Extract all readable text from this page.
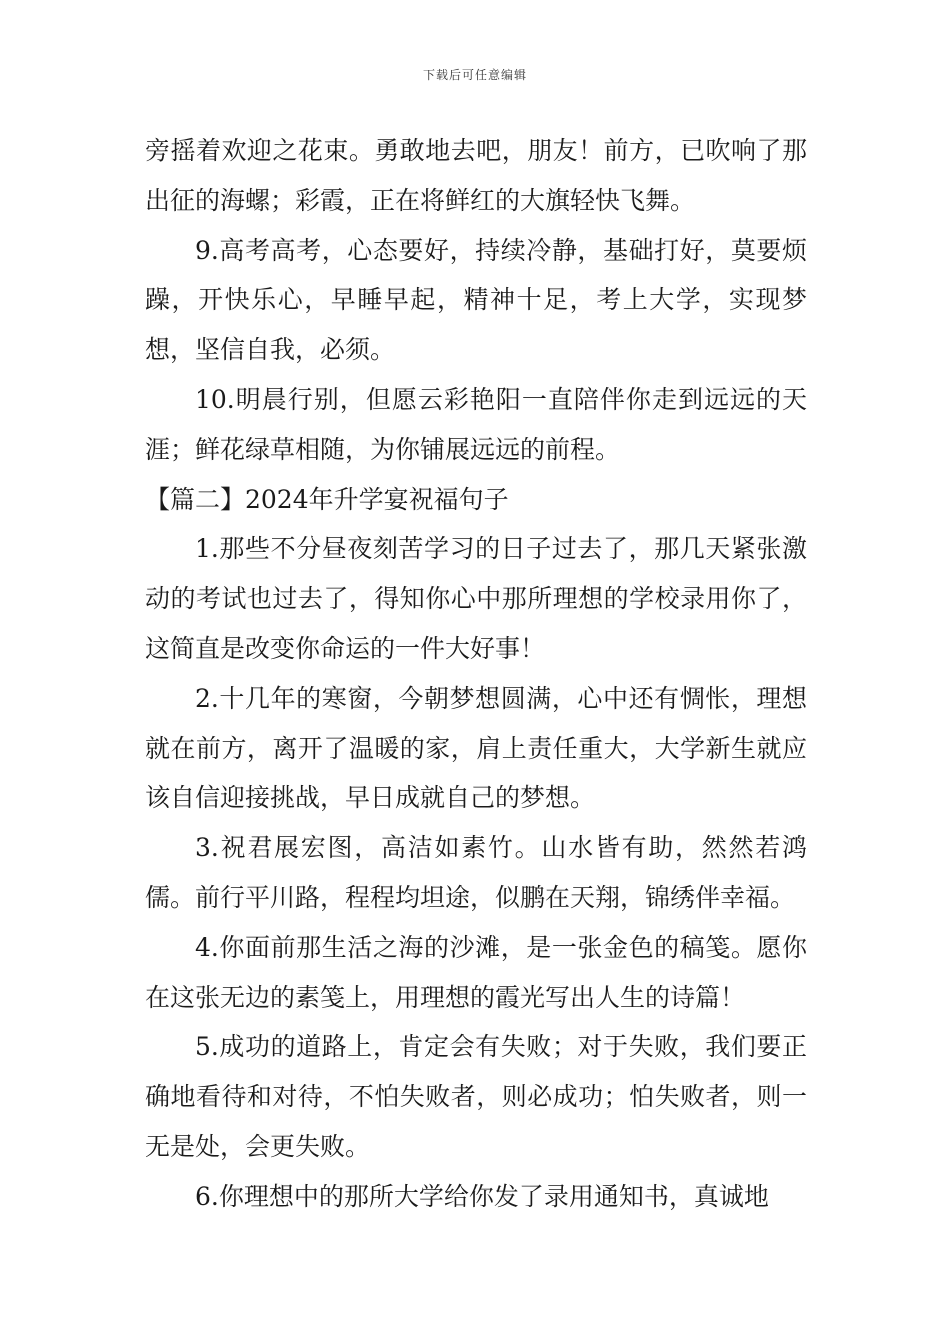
下载后可任意编辑

旁摇着欢迎之花束。勇敢地去吧，朋友！前方，已吹响了那出征的海螺；彩霞，正在将鲜红的大旗轻快飞舞。

9.高考高考，心态要好，持续冷静，基础打好，莫要烦躁，开快乐心，早睡早起，精神十足，考上大学，实现梦想，坚信自我，必须。

10.明晨行别，但愿云彩艳阳一直陪伴你走到远远的天涯；鲜花绿草相随，为你铺展远远的前程。

【篇二】2024年升学宴祝福句子

1.那些不分昼夜刻苦学习的日子过去了，那几天紧张激动的考试也过去了，得知你心中那所理想的学校录用你了，这简直是改变你命运的一件大好事！

2.十几年的寒窗，今朝梦想圆满，心中还有惆怅，理想就在前方，离开了温暖的家，肩上责任重大，大学新生就应该自信迎接挑战，早日成就自己的梦想。

3.祝君展宏图，高洁如素竹。山水皆有助，然然若鸿儒。前行平川路，程程均坦途，似鹏在天翔，锦绣伴幸福。

4.你面前那生活之海的沙滩，是一张金色的稿笺。愿你在这张无边的素笺上，用理想的霞光写出人生的诗篇！

5.成功的道路上，肯定会有失败；对于失败，我们要正确地看待和对待，不怕失败者，则必成功；怕失败者，则一无是处，会更失败。

6.你理想中的那所大学给你发了录用通知书，真诚地
